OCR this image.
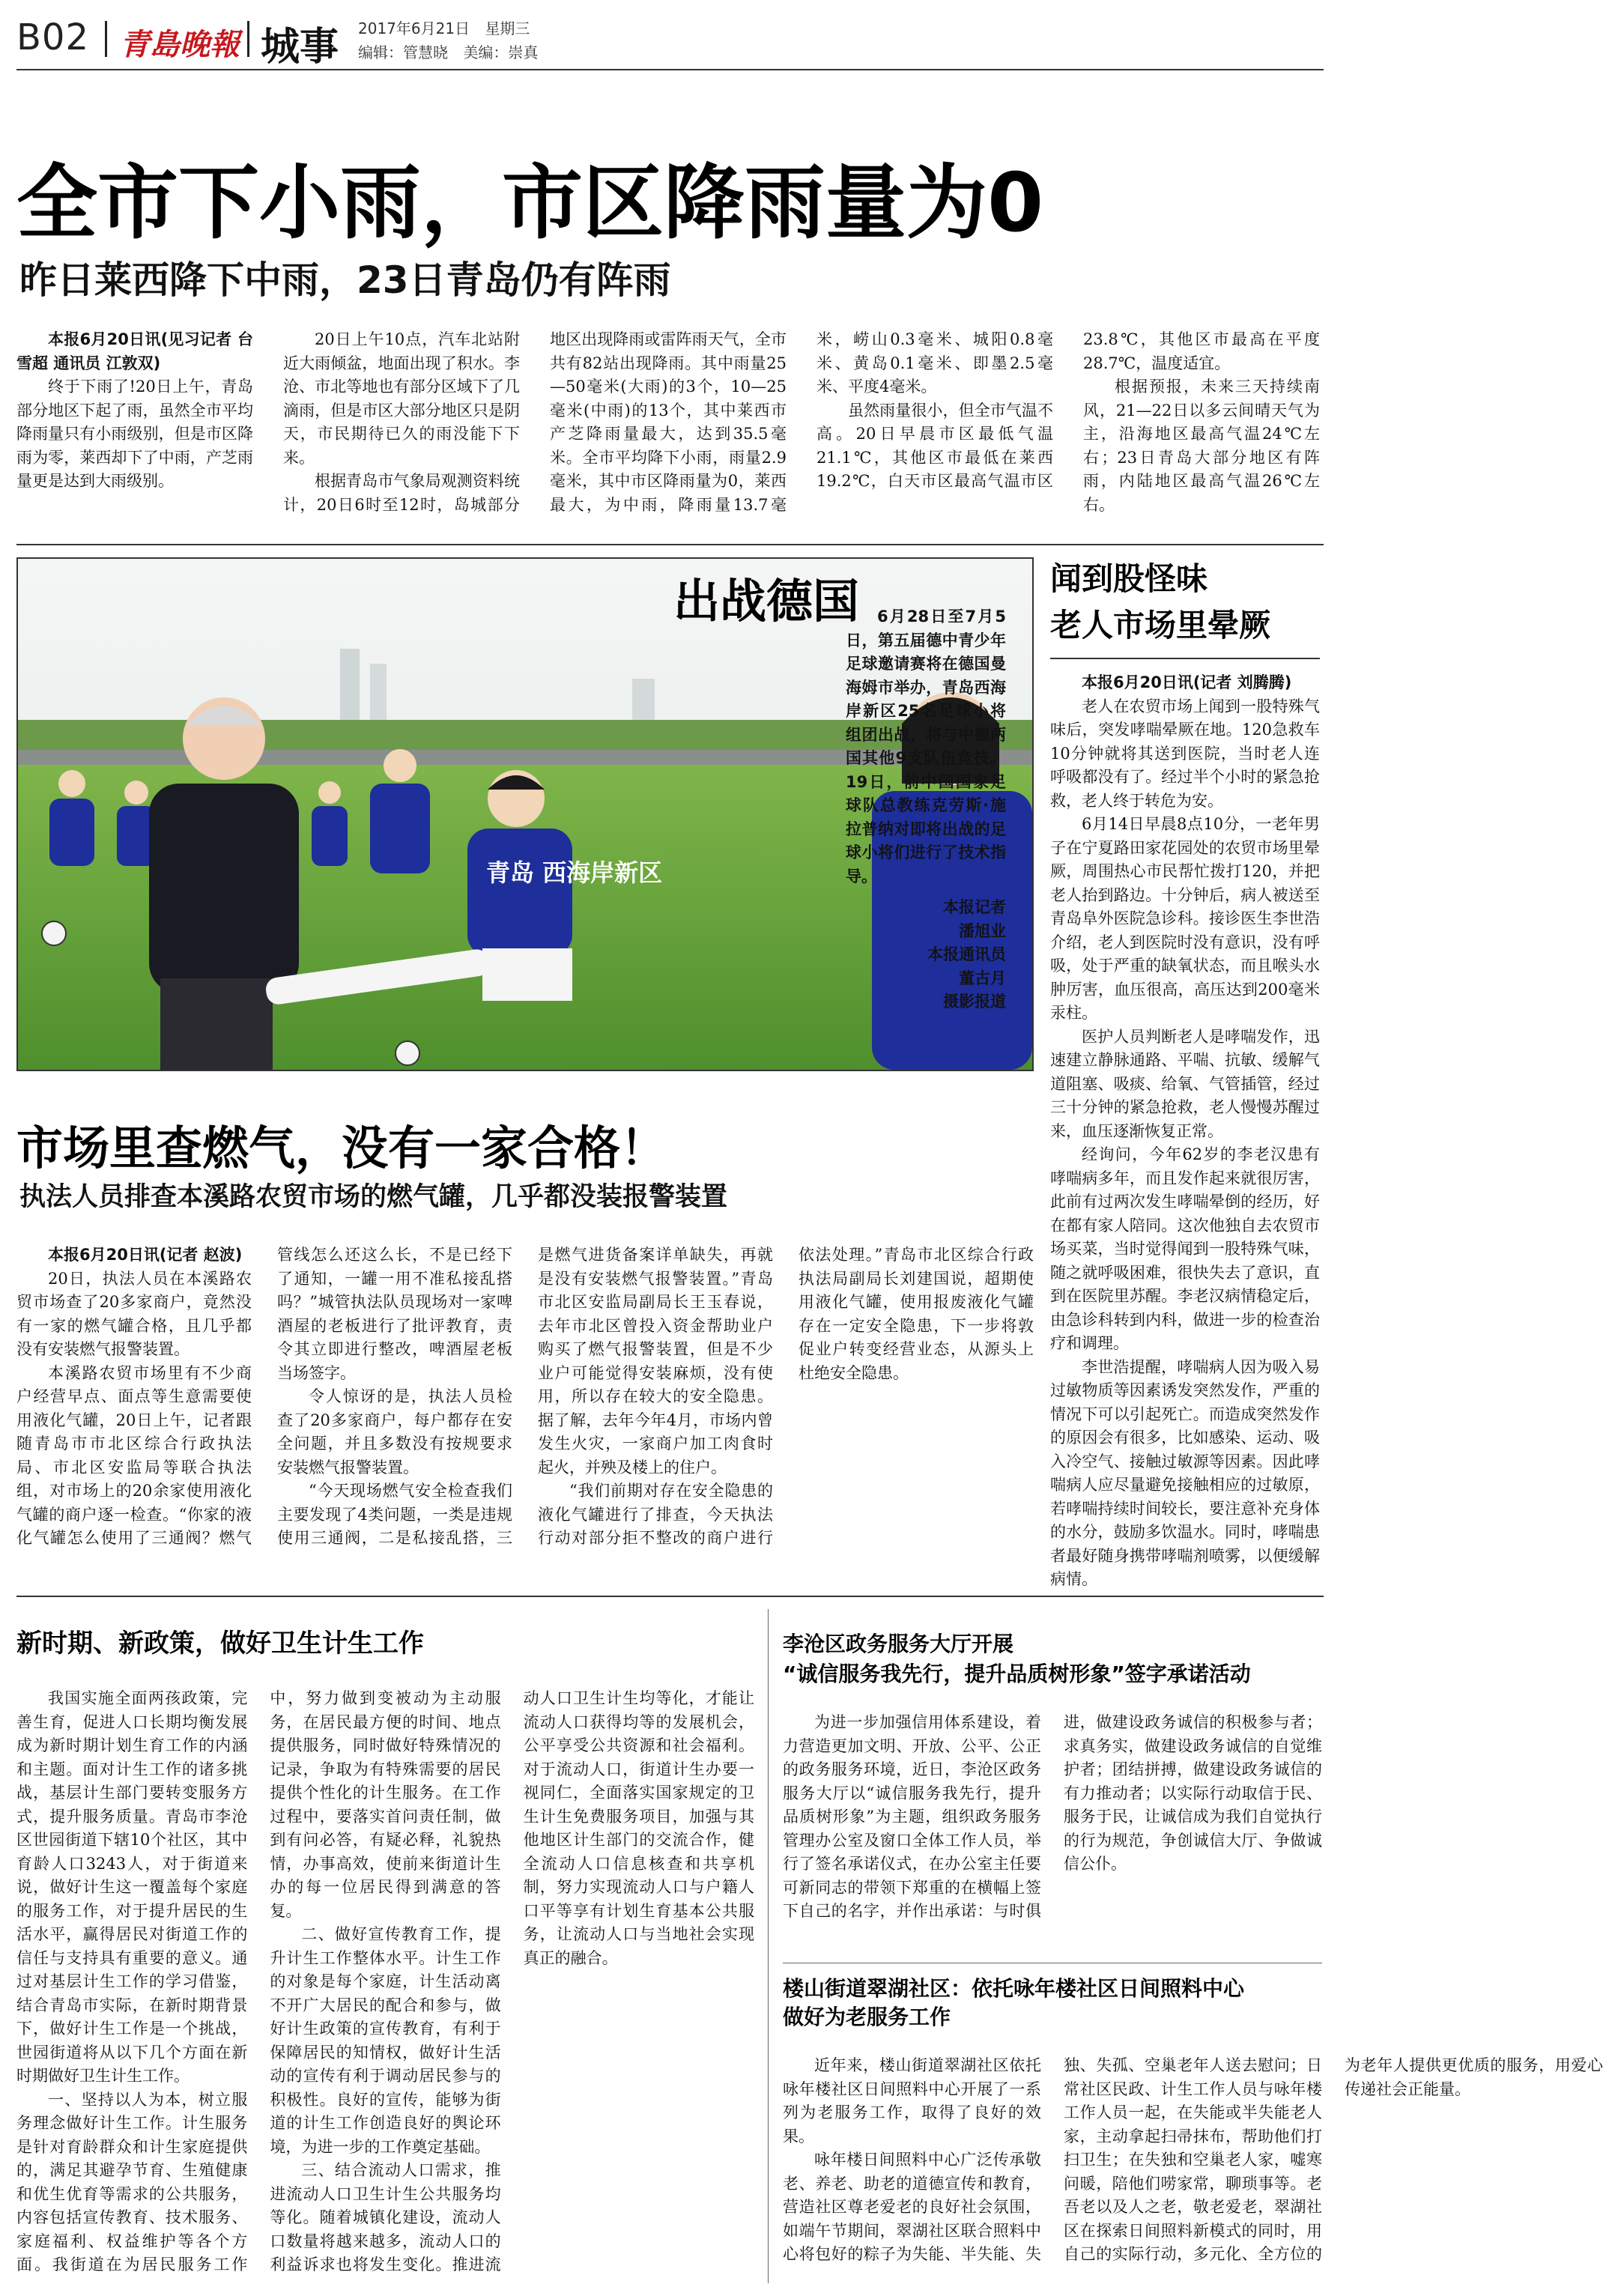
B02 青島晚報 城事 2017年6月21日 星期三
编辑：管慧晓 美编：崇真
全市下小雨，市区降雨量为0
昨日莱西降下中雨，23日青岛仍有阵雨
本报6月20日讯(见习记者 台雪超 通讯员 江敦双)

终于下雨了!20日上午，青岛部分地区下起了雨，虽然全市平均降雨量只有小雨级别，但是市区降雨为零，莱西却下了中雨，产芝雨量更是达到大雨级别。

20日上午10点，汽车北站附近大雨倾盆，地面出现了积水。李沧、市北等地也有部分区域下了几滴雨，但是市区大部分地区只是阴天，市民期待已久的雨没能下下来。

根据青岛市气象局观测资料统计，20日6时至12时，岛城部分地区出现降雨或雷阵雨天气，全市共有82站出现降雨。其中雨量25—50毫米(大雨)的3个，10—25毫米(中雨)的13个，其中莱西市产芝降雨量最大，达到35.5毫米。全市平均降下小雨，雨量2.9毫米，其中市区降雨量为0，莱西最大，为中雨，降雨量13.7毫米，崂山0.3毫米、城阳0.8毫米、黄岛0.1毫米、即墨2.5毫米、平度4毫米。

虽然雨量很小，但全市气温不高。20日早晨市区最低气温21.1℃，其他区市最低在莱西19.2℃，白天市区最高气温市区23.8℃，其他区市最高在平度28.7℃，温度适宜。

根据预报，未来三天持续南风，21—22日以多云间晴天气为主，沿海地区最高气温24℃左右；23日青岛大部分地区有阵雨，内陆地区最高气温26℃左右。

青岛 西海岸新区
出战德国	6月28日至7月5日，第五届德中青少年足球邀请赛将在德国曼海姆市举办，青岛西海岸新区25名足球小将组团出战，将与中德两国其他9支队伍竞技。19日，前中国国家足球队总教练克劳斯·施拉普纳对即将出战的足球小将们进行了技术指导。
本报记者
潘旭业
本报通讯员
董古月
摄影报道
闻到股怪味
老人市场里晕厥
本报6月20日讯(记者 刘腾腾)

老人在农贸市场上闻到一股特殊气味后，突发哮喘晕厥在地。120急救车10分钟就将其送到医院，当时老人连呼吸都没有了。经过半个小时的紧急抢救，老人终于转危为安。

6月14日早晨8点10分，一老年男子在宁夏路田家花园处的农贸市场里晕厥，周围热心市民帮忙拨打120，并把老人抬到路边。十分钟后，病人被送至青岛阜外医院急诊科。接诊医生李世浩介绍，老人到医院时没有意识，没有呼吸，处于严重的缺氧状态，而且喉头水肿厉害，血压很高，高压达到200毫米汞柱。

医护人员判断老人是哮喘发作，迅速建立静脉通路、平喘、抗敏、缓解气道阻塞、吸痰、给氧、气管插管，经过三十分钟的紧急抢救，老人慢慢苏醒过来，血压逐渐恢复正常。

经询问，今年62岁的李老汉患有哮喘病多年，而且发作起来就很厉害，此前有过两次发生哮喘晕倒的经历，好在都有家人陪同。这次他独自去农贸市场买菜，当时觉得闻到一股特殊气味，随之就呼吸困难，很快失去了意识，直到在医院里苏醒。李老汉病情稳定后，由急诊科转到内科，做进一步的检查治疗和调理。

李世浩提醒，哮喘病人因为吸入易过敏物质等因素诱发突然发作，严重的情况下可以引起死亡。而造成突然发作的原因会有很多，比如感染、运动、吸入冷空气、接触过敏源等因素。因此哮喘病人应尽量避免接触相应的过敏原，若哮喘持续时间较长，要注意补充身体的水分，鼓励多饮温水。同时，哮喘患者最好随身携带哮喘剂喷雾，以便缓解病情。

市场里查燃气，没有一家合格！
执法人员排查本溪路农贸市场的燃气罐，几乎都没装报警装置
本报6月20日讯(记者 赵波)

20日，执法人员在本溪路农贸市场查了20多家商户，竟然没有一家的燃气罐合格，且几乎都没有安装燃气报警装置。

本溪路农贸市场里有不少商户经营早点、面点等生意需要使用液化气罐，20日上午，记者跟随青岛市市北区综合行政执法局、市北区安监局等联合执法组，对市场上的20余家使用液化气罐的商户逐一检查。“你家的液化气罐怎么使用了三通阀？燃气管线怎么还这么长，不是已经下了通知，一罐一用不准私接乱搭吗？”城管执法队员现场对一家啤酒屋的老板进行了批评教育，责令其立即进行整改，啤酒屋老板当场签字。

令人惊讶的是，执法人员检查了20多家商户，每户都存在安全问题，并且多数没有按规要求安装燃气报警装置。

“今天现场燃气安全检查我们主要发现了4类问题，一类是违规使用三通阀，二是私接乱搭，三是燃气进货备案详单缺失，再就是没有安装燃气报警装置。”青岛市北区安监局副局长王玉春说，去年市北区曾投入资金帮助业户购买了燃气报警装置，但是不少业户可能觉得安装麻烦，没有使用，所以存在较大的安全隐患。据了解，去年今年4月，市场内曾发生火灾，一家商户加工肉食时起火，并殃及楼上的住户。

“我们前期对存在安全隐患的液化气罐进行了排查，今天执法行动对部分拒不整改的商户进行依法处理。”青岛市北区综合行政执法局副局长刘建国说，超期使用液化气罐，使用报废液化气罐存在一定安全隐患，下一步将敦促业户转变经营业态，从源头上杜绝安全隐患。

新时期、新政策，做好卫生计生工作

我国实施全面两孩政策，完善生育，促进人口长期均衡发展成为新时期计划生育工作的内涵和主题。面对计生工作的诸多挑战，基层计生部门要转变服务方式，提升服务质量。青岛市李沧区世园街道下辖10个社区，其中育龄人口3243人，对于街道来说，做好计生这一覆盖每个家庭的服务工作，对于提升居民的生活水平，赢得居民对街道工作的信任与支持具有重要的意义。通过对基层计生工作的学习借鉴，结合青岛市实际，在新时期背景下，做好计生工作是一个挑战，世园街道将从以下几个方面在新时期做好卫生计生工作。

一、坚持以人为本，树立服务理念做好计生工作。计生服务是针对育龄群众和计生家庭提供的，满足其避孕节育、生殖健康和优生优育等需求的公共服务，内容包括宣传教育、技术服务、家庭福利、权益维护等各个方面。我街道在为居民服务工作中，努力做到变被动为主动服务，在居民最方便的时间、地点提供服务，同时做好特殊情况的记录，争取为有特殊需要的居民提供个性化的计生服务。在工作过程中，要落实首问责任制，做到有问必答，有疑必释，礼貌热情，办事高效，使前来街道计生办的每一位居民得到满意的答复。

二、做好宣传教育工作，提升计生工作整体水平。计生工作的对象是每个家庭，计生活动离不开广大居民的配合和参与，做好计生政策的宣传教育，有利于保障居民的知情权，做好计生活动的宣传有利于调动居民参与的积极性。良好的宣传，能够为街道的计生工作创造良好的舆论环境，为进一步的工作奠定基础。

三、结合流动人口需求，推进流动人口卫生计生公共服务均等化。随着城镇化建设，流动人口数量将越来越多，流动人口的利益诉求也将发生变化。推进流动人口卫生计生均等化，才能让流动人口获得均等的发展机会，公平享受公共资源和社会福利。对于流动人口，街道计生办要一视同仁，全面落实国家规定的卫生计生免费服务项目，加强与其他地区计生部门的交流合作，健全流动人口信息核查和共享机制，努力实现流动人口与户籍人口平等享有计划生育基本公共服务，让流动人口与当地社会实现真正的融合。

李沧区政务服务大厅开展
“诚信服务我先行，提升品质树形象”签字承诺活动

为进一步加强信用体系建设，着力营造更加文明、开放、公平、公正的政务服务环境，近日，李沧区政务服务大厅以“诚信服务我先行，提升品质树形象”为主题，组织政务服务管理办公室及窗口全体工作人员，举行了签名承诺仪式，在办公室主任要可新同志的带领下郑重的在横幅上签下自己的名字，并作出承诺：与时俱进，做建设政务诚信的积极参与者；求真务实，做建设政务诚信的自觉维护者；团结拼搏，做建设政务诚信的有力推动者；以实际行动取信于民、服务于民，让诚信成为我们自觉执行的行为规范，争创诚信大厅、争做诚信公仆。

楼山街道翠湖社区：依托咏年楼社区日间照料中心
做好为老服务工作

近年来，楼山街道翠湖社区依托咏年楼社区日间照料中心开展了一系列为老服务工作，取得了良好的效果。

咏年楼日间照料中心广泛传承敬老、养老、助老的道德宣传和教育，营造社区尊老爱老的良好社会氛围，如端午节期间，翠湖社区联合照料中心将包好的粽子为失能、半失能、失独、失孤、空巢老年人送去慰问；日常社区民政、计生工作人员与咏年楼工作人员一起，在失能或半失能老人家，主动拿起扫帚抹布，帮助他们打扫卫生；在失独和空巢老人家，嘘寒问暖，陪他们唠家常，聊琐事等。老吾老以及人之老，敬老爱老，翠湖社区在探索日间照料新模式的同时，用自己的实际行动，多元化、全方位的为老年人提供更优质的服务，用爱心传递社会正能量。
